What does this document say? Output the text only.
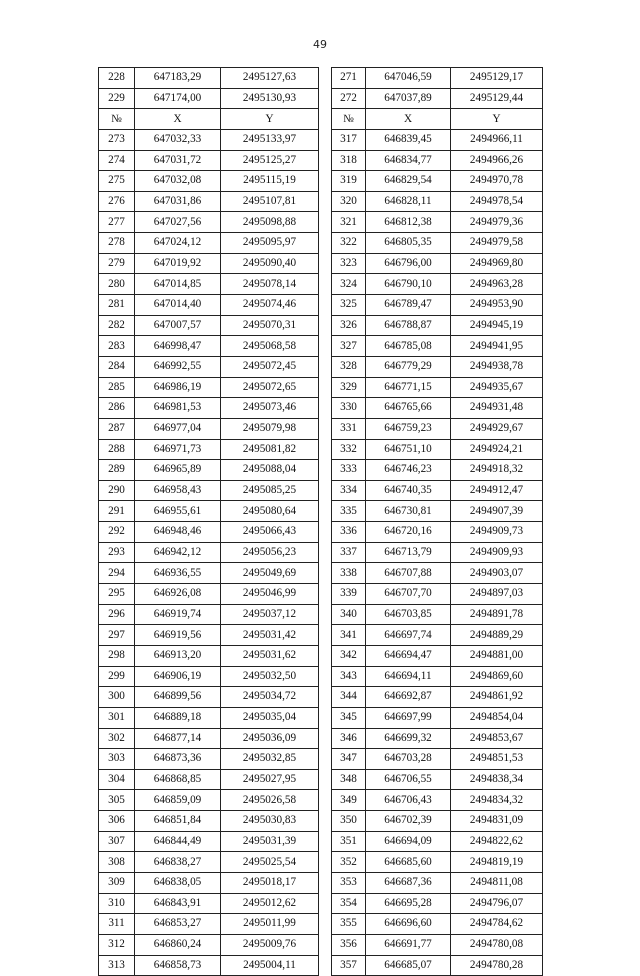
49
228	647183,29	2495127,63
229	647174,00	2495130,93
№	X	Y
273	647032,33	2495133,97
274	647031,72	2495125,27
275	647032,08	2495115,19
276	647031,86	2495107,81
277	647027,56	2495098,88
278	647024,12	2495095,97
279	647019,92	2495090,40
280	647014,85	2495078,14
281	647014,40	2495074,46
282	647007,57	2495070,31
283	646998,47	2495068,58
284	646992,55	2495072,45
285	646986,19	2495072,65
286	646981,53	2495073,46
287	646977,04	2495079,98
288	646971,73	2495081,82
289	646965,89	2495088,04
290	646958,43	2495085,25
291	646955,61	2495080,64
292	646948,46	2495066,43
293	646942,12	2495056,23
294	646936,55	2495049,69
295	646926,08	2495046,99
296	646919,74	2495037,12
297	646919,56	2495031,42
298	646913,20	2495031,62
299	646906,19	2495032,50
300	646899,56	2495034,72
301	646889,18	2495035,04
302	646877,14	2495036,09
303	646873,36	2495032,85
304	646868,85	2495027,95
305	646859,09	2495026,58
306	646851,84	2495030,83
307	646844,49	2495031,39
308	646838,27	2495025,54
309	646838,05	2495018,17
310	646843,91	2495012,62
311	646853,27	2495011,99
312	646860,24	2495009,76
313	646858,73	2495004,11
271	647046,59	2495129,17
272	647037,89	2495129,44
№	X	Y
317	646839,45	2494966,11
318	646834,77	2494966,26
319	646829,54	2494970,78
320	646828,11	2494978,54
321	646812,38	2494979,36
322	646805,35	2494979,58
323	646796,00	2494969,80
324	646790,10	2494963,28
325	646789,47	2494953,90
326	646788,87	2494945,19
327	646785,08	2494941,95
328	646779,29	2494938,78
329	646771,15	2494935,67
330	646765,66	2494931,48
331	646759,23	2494929,67
332	646751,10	2494924,21
333	646746,23	2494918,32
334	646740,35	2494912,47
335	646730,81	2494907,39
336	646720,16	2494909,73
337	646713,79	2494909,93
338	646707,88	2494903,07
339	646707,70	2494897,03
340	646703,85	2494891,78
341	646697,74	2494889,29
342	646694,47	2494881,00
343	646694,11	2494869,60
344	646692,87	2494861,92
345	646697,99	2494854,04
346	646699,32	2494853,67
347	646703,28	2494851,53
348	646706,55	2494838,34
349	646706,43	2494834,32
350	646702,39	2494831,09
351	646694,09	2494822,62
352	646685,60	2494819,19
353	646687,36	2494811,08
354	646695,28	2494796,07
355	646696,60	2494784,62
356	646691,77	2494780,08
357	646685,07	2494780,28
